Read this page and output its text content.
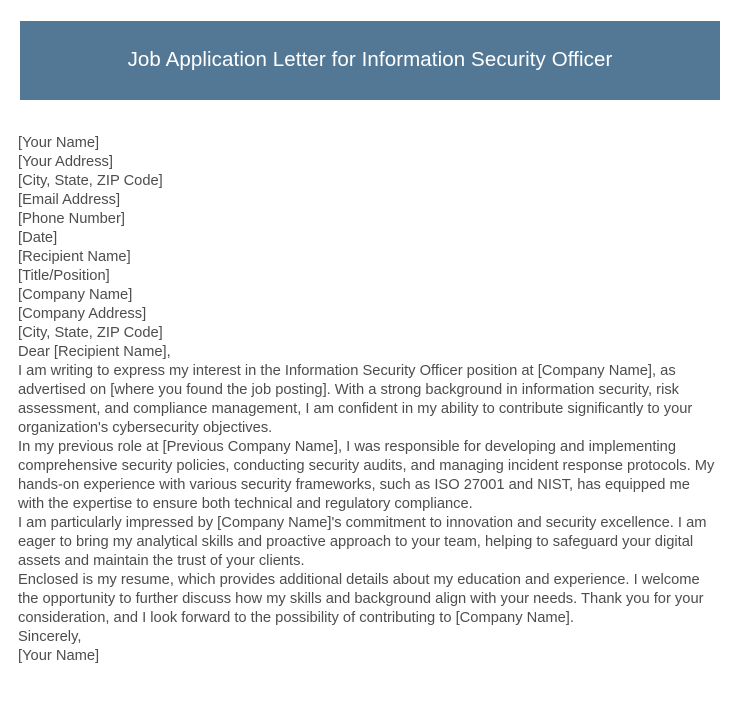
Job Application Letter for Information Security Officer
[Your Name]
[Your Address]
[City, State, ZIP Code]
[Email Address]
[Phone Number]
[Date]
[Recipient Name]
[Title/Position]
[Company Name]
[Company Address]
[City, State, ZIP Code]
Dear [Recipient Name],

I am writing to express my interest in the Information Security Officer position at [Company Name], as advertised on [where you found the job posting]. With a strong background in information security, risk assessment, and compliance management, I am confident in my ability to contribute significantly to your organization's cybersecurity objectives.

In my previous role at [Previous Company Name], I was responsible for developing and implementing comprehensive security policies, conducting security audits, and managing incident response protocols. My hands-on experience with various security frameworks, such as ISO 27001 and NIST, has equipped me with the expertise to ensure both technical and regulatory compliance.

I am particularly impressed by [Company Name]'s commitment to innovation and security excellence. I am eager to bring my analytical skills and proactive approach to your team, helping to safeguard your digital assets and maintain the trust of your clients.

Enclosed is my resume, which provides additional details about my education and experience. I welcome the opportunity to further discuss how my skills and background align with your needs. Thank you for your consideration, and I look forward to the possibility of contributing to [Company Name].

Sincerely,
[Your Name]
